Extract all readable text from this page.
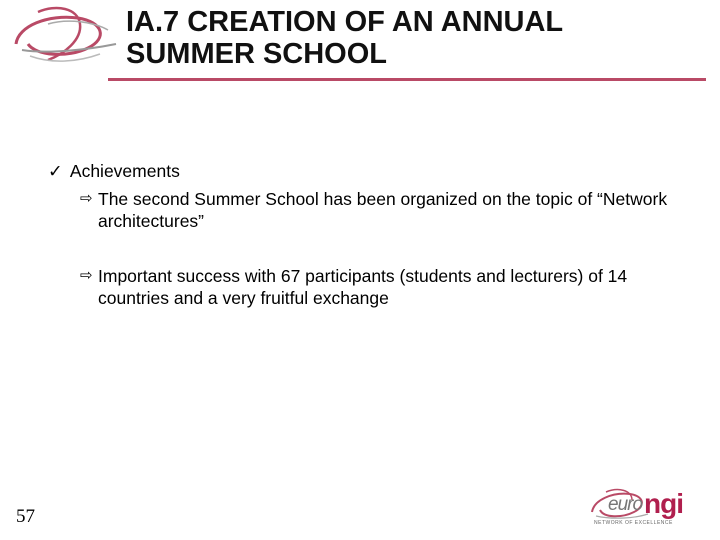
IA.7 CREATION OF AN ANNUAL
SUMMER SCHOOL
✓ Achievements
⇨ The second Summer School has been organized on the topic of “Network architectures”
⇨ Important success with 67 participants (students and lecturers) of 14 countries and a very fruitful exchange
57
euro ngi
NETWORK OF EXCELLENCE
